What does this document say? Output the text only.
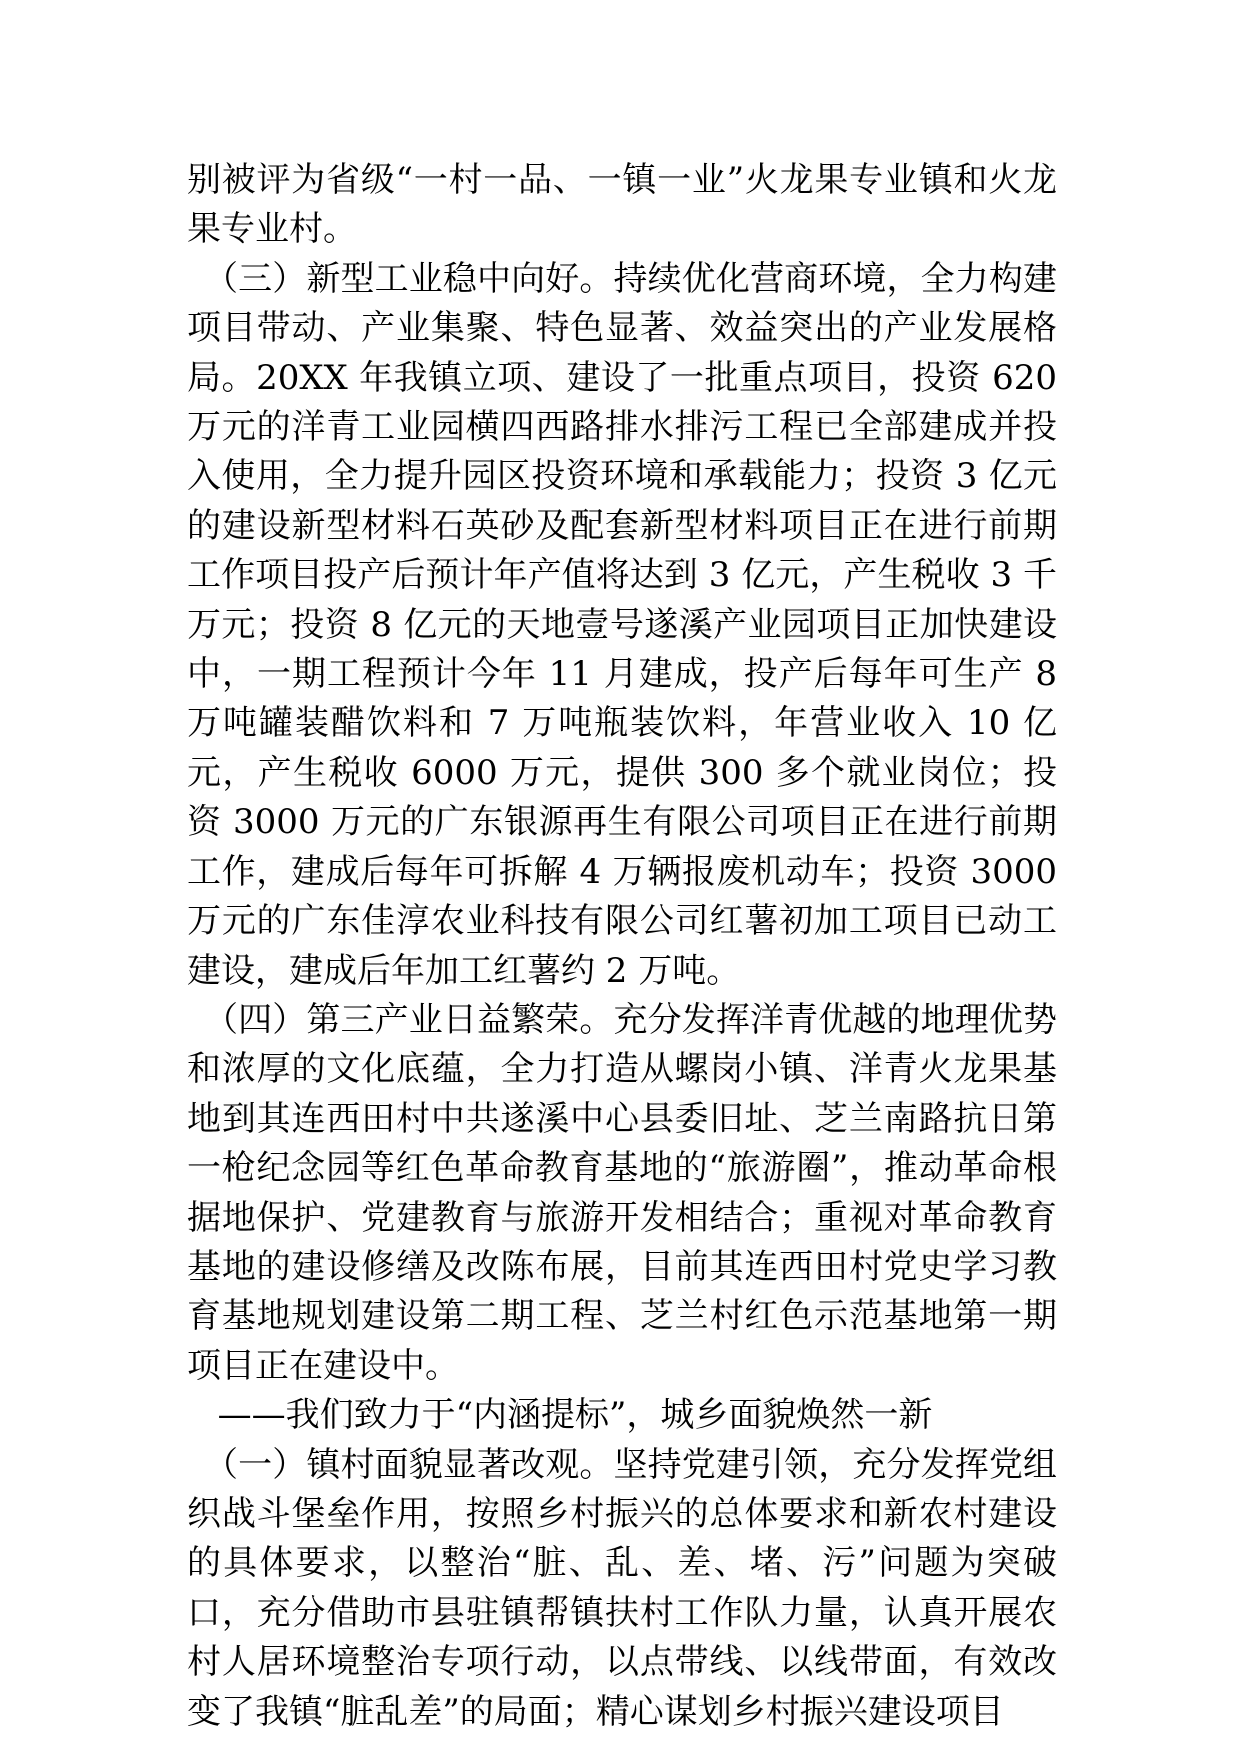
别被评为省级“一村一品、一镇一业”火龙果专业镇和火龙果专业村。

（三）新型工业稳中向好。持续优化营商环境，全力构建项目带动、产业集聚、特色显著、效益突出的产业发展格局。20XX 年我镇立项、建设了一批重点项目，投资 620 万元的洋青工业园横四西路排水排污工程已全部建成并投入使用，全力提升园区投资环境和承载能力；投资 3 亿元的建设新型材料石英砂及配套新型材料项目正在进行前期工作项目投产后预计年产值将达到 3 亿元，产生税收 3 千万元；投资 8 亿元的天地壹号遂溪产业园项目正加快建设中，一期工程预计今年 11 月建成，投产后每年可生产 8 万吨罐装醋饮料和 7 万吨瓶装饮料，年营业收入 10 亿元，产生税收 6000 万元，提供 300 多个就业岗位；投资 3000 万元的广东银源再生有限公司项目正在进行前期工作，建成后每年可拆解 4 万辆报废机动车；投资 3000 万元的广东佳淳农业科技有限公司红薯初加工项目已动工建设，建成后年加工红薯约 2 万吨。

（四）第三产业日益繁荣。充分发挥洋青优越的地理优势和浓厚的文化底蕴，全力打造从螺岗小镇、洋青火龙果基地到其连西田村中共遂溪中心县委旧址、芝兰南路抗日第一枪纪念园等红色革命教育基地的“旅游圈”，推动革命根据地保护、党建教育与旅游开发相结合；重视对革命教育基地的建设修缮及改陈布展，目前其连西田村党史学习教育基地规划建设第二期工程、芝兰村红色示范基地第一期项目正在建设中。

——我们致力于“内涵提标”，城乡面貌焕然一新

（一）镇村面貌显著改观。坚持党建引领，充分发挥党组织战斗堡垒作用，按照乡村振兴的总体要求和新农村建设的具体要求，以整治“脏、乱、差、堵、污”问题为突破口，充分借助市县驻镇帮镇扶村工作队力量，认真开展农村人居环境整治专项行动，以点带线、以线带面，有效改变了我镇“脏乱差”的局面；精心谋划乡村振兴建设项目
